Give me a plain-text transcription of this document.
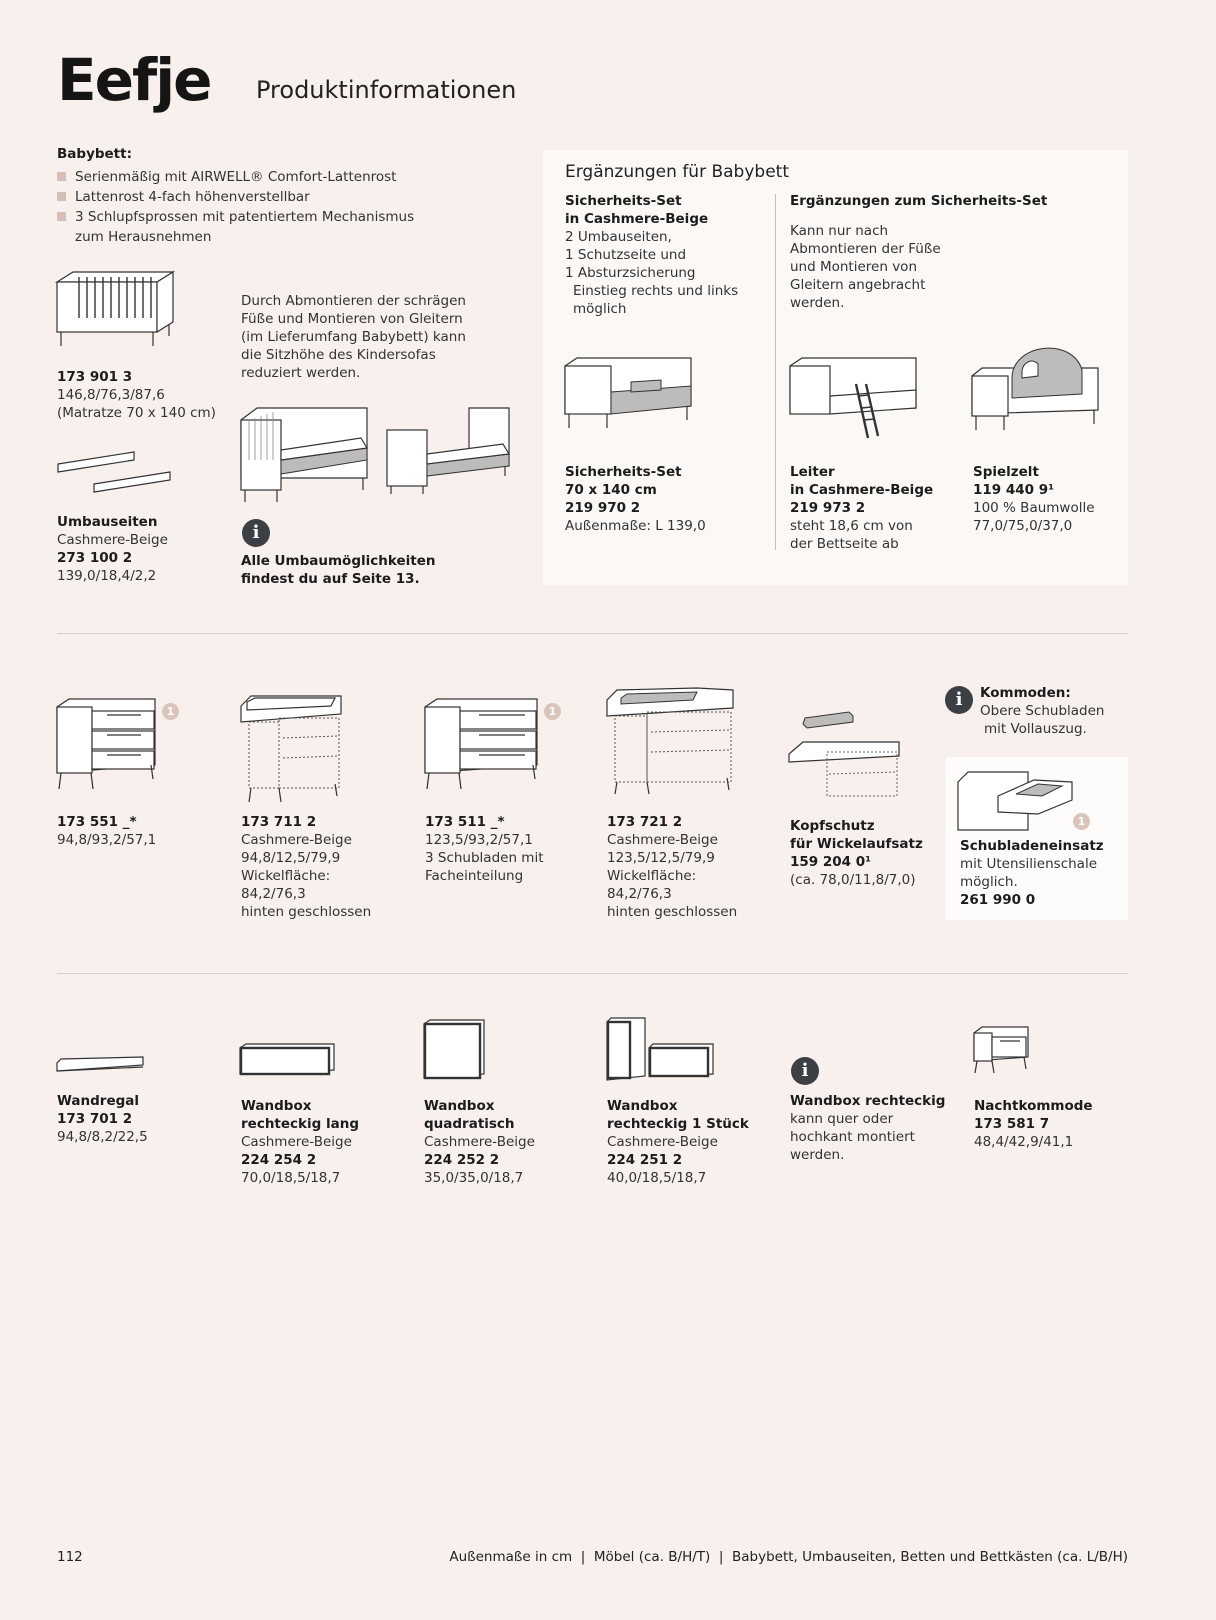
Eefje Produktinformationen
Babybett:
Serienmäßig mit AIRWELL® Comfort-Lattenrost
Lattenrost 4-fach höhenverstellbar
3 Schlupfsprossen mit patentiertem Mechanismus zum Herausnehmen
173 901 3
146,8/76,3/87,6
(Matratze 70 x 140 cm)
Umbauseiten
Cashmere-Beige
273 100 2
139,0/18,4/2,2
Durch Abmontieren der schrägen Füße und Montieren von Gleitern (im Lieferumfang Babybett) kann die Sitzhöhe des Kindersofas reduziert werden.
i
Alle Umbaumöglichkeiten
findest du auf Seite 13.
Ergänzungen für Babybett
Sicherheits-Set
in Cashmere-Beige
2 Umbauseiten,
1 Schutzseite und
1 Absturzsicherung
Einstieg rechts und links
möglich
Ergänzungen zum Sicherheits-Set
Kann nur nach Abmontieren der Füße und Montieren von Gleitern angebracht werden.
Sicherheits-Set
70 x 140 cm
219 970 2
Außenmaße: L 139,0
Leiter
in Cashmere-Beige
219 973 2
steht 18,6 cm von
der Bettseite ab
Spielzelt
119 440 9¹
100 % Baumwolle
77,0/75,0/37,0
1
173 551 _*
94,8/93,2/57,1
173 711 2
Cashmere-Beige
94,8/12,5/79,9
Wickelfläche:
84,2/76,3
hinten geschlossen
1
173 511 _*
123,5/93,2/57,1
3 Schubladen mit
Facheinteilung
173 721 2
Cashmere-Beige
123,5/12,5/79,9
Wickelfläche:
84,2/76,3
hinten geschlossen
Kopfschutz
für Wickelaufsatz
159 204 0¹
(ca. 78,0/11,8/7,0)
i	Kommoden:
Obere Schubladen
mit Vollauszug.
1
Schubladeneinsatz
mit Utensilienschale
möglich.
261 990 0
Wandregal
173 701 2
94,8/8,2/22,5
Wandbox
rechteckig lang
Cashmere-Beige
224 254 2
70,0/18,5/18,7
Wandbox
quadratisch
Cashmere-Beige
224 252 2
35,0/35,0/18,7
Wandbox
rechteckig 1 Stück
Cashmere-Beige
224 251 2
40,0/18,5/18,7
i
Wandbox rechteckig
kann quer oder
hochkant montiert
werden.
Nachtkommode
173 581 7
48,4/42,9/41,1
112	Außenmaße in cm  |  Möbel (ca. B/H/T)  |  Babybett, Umbauseiten, Betten und Bettkästen (ca. L/B/H)
